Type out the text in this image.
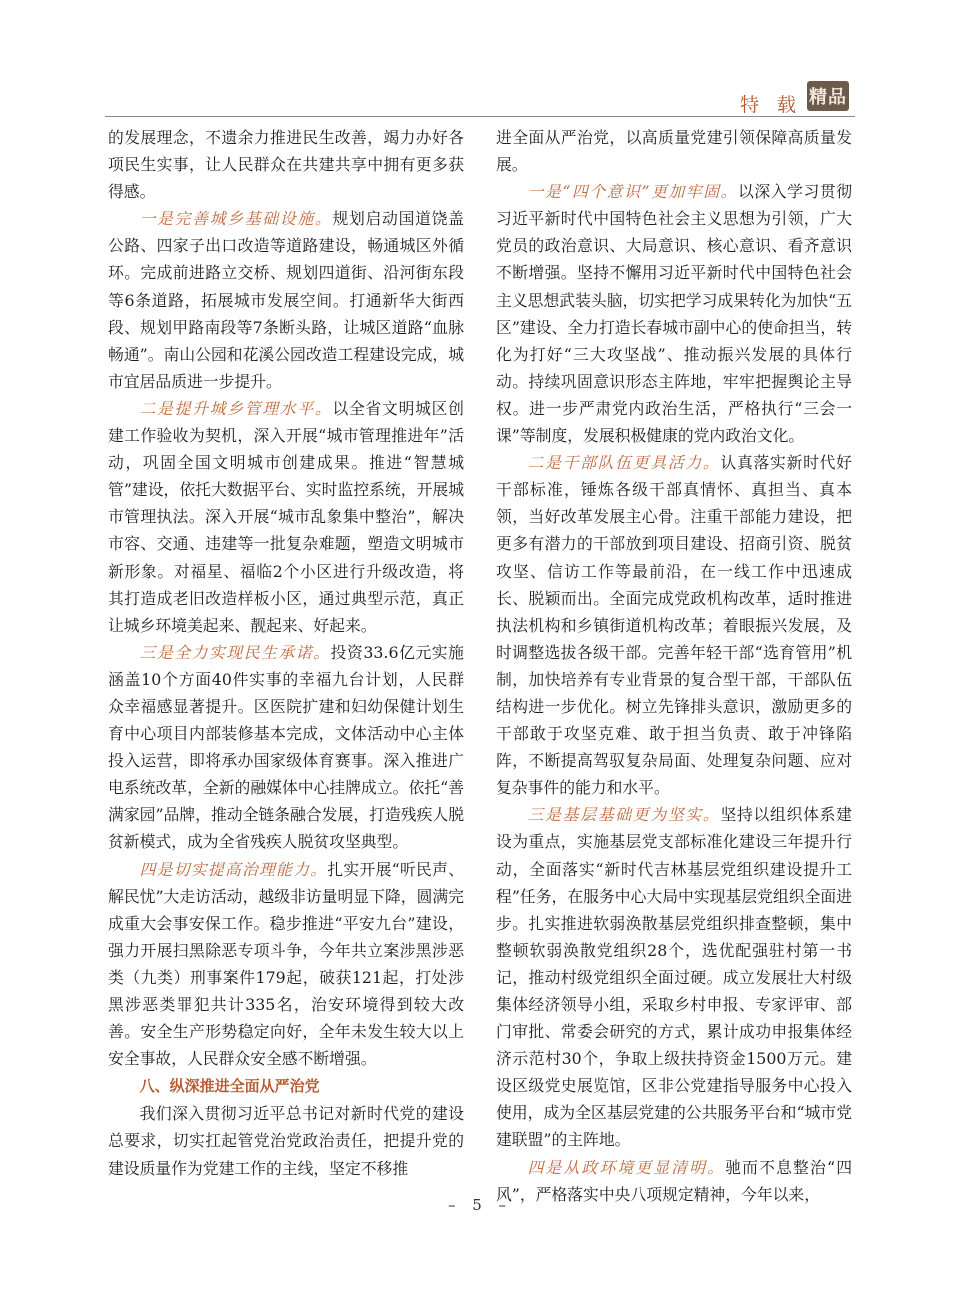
特 载 精品

的发展理念，不遗余力推进民生改善，竭力办好各项民生实事，让人民群众在共建共享中拥有更多获得感。

一是完善城乡基础设施。规划启动国道饶盖公路、四家子出口改造等道路建设，畅通城区外循环。完成前进路立交桥、规划四道街、沿河街东段等6条道路，拓展城市发展空间。打通新华大街西段、规划甲路南段等7条断头路，让城区道路“血脉畅通”。南山公园和花溪公园改造工程建设完成，城市宜居品质进一步提升。

二是提升城乡管理水平。以全省文明城区创建工作验收为契机，深入开展“城市管理推进年”活动，巩固全国文明城市创建成果。推进“智慧城管”建设，依托大数据平台、实时监控系统，开展城市管理执法。深入开展“城市乱象集中整治”，解决市容、交通、违建等一批复杂难题，塑造文明城市新形象。对福星、福临2个小区进行升级改造，将其打造成老旧改造样板小区，通过典型示范，真正让城乡环境美起来、靓起来、好起来。

三是全力实现民生承诺。投资33.6亿元实施涵盖10个方面40件实事的幸福九台计划，人民群众幸福感显著提升。区医院扩建和妇幼保健计划生育中心项目内部装修基本完成，文体活动中心主体投入运营，即将承办国家级体育赛事。深入推进广电系统改革，全新的融媒体中心挂牌成立。依托“善满家园”品牌，推动全链条融合发展，打造残疾人脱贫新模式，成为全省残疾人脱贫攻坚典型。

四是切实提高治理能力。扎实开展“听民声、解民忧”大走访活动，越级非访量明显下降，圆满完成重大会事安保工作。稳步推进“平安九台”建设，强力开展扫黑除恶专项斗争，今年共立案涉黑涉恶类（九类）刑事案件179起，破获121起，打处涉黑涉恶类罪犯共计335名，治安环境得到较大改善。安全生产形势稳定向好，全年未发生较大以上安全事故，人民群众安全感不断增强。

八、纵深推进全面从严治党

我们深入贯彻习近平总书记对新时代党的建设总要求，切实扛起管党治党政治责任，把提升党的建设质量作为党建工作的主线，坚定不移推

进全面从严治党，以高质量党建引领保障高质量发展。

一是“四个意识”更加牢固。以深入学习贯彻习近平新时代中国特色社会主义思想为引领，广大党员的政治意识、大局意识、核心意识、看齐意识不断增强。坚持不懈用习近平新时代中国特色社会主义思想武装头脑，切实把学习成果转化为加快“五区”建设、全力打造长春城市副中心的使命担当，转化为打好“三大攻坚战”、推动振兴发展的具体行动。持续巩固意识形态主阵地，牢牢把握舆论主导权。进一步严肃党内政治生活，严格执行“三会一课”等制度，发展积极健康的党内政治文化。

二是干部队伍更具活力。认真落实新时代好干部标准，锤炼各级干部真情怀、真担当、真本领，当好改革发展主心骨。注重干部能力建设，把更多有潜力的干部放到项目建设、招商引资、脱贫攻坚、信访工作等最前沿，在一线工作中迅速成长、脱颖而出。全面完成党政机构改革，适时推进执法机构和乡镇街道机构改革；着眼振兴发展，及时调整选拔各级干部。完善年轻干部“选育管用”机制，加快培养有专业背景的复合型干部，干部队伍结构进一步优化。树立先锋排头意识，激励更多的干部敢于攻坚克难、敢于担当负责、敢于冲锋陷阵，不断提高驾驭复杂局面、处理复杂问题、应对复杂事件的能力和水平。

三是基层基础更为坚实。坚持以组织体系建设为重点，实施基层党支部标准化建设三年提升行动，全面落实“新时代吉林基层党组织建设提升工程”任务，在服务中心大局中实现基层党组织全面进步。扎实推进软弱涣散基层党组织排查整顿，集中整顿软弱涣散党组织28个，选优配强驻村第一书记，推动村级党组织全面过硬。成立发展壮大村级集体经济领导小组，采取乡村申报、专家评审、部门审批、常委会研究的方式，累计成功申报集体经济示范村30个，争取上级扶持资金1500万元。建设区级党史展览馆，区非公党建指导服务中心投入使用，成为全区基层党建的公共服务平台和“城市党建联盟”的主阵地。

四是从政环境更显清明。驰而不息整治“四风”，严格落实中央八项规定精神，今年以来，

– 5 –
